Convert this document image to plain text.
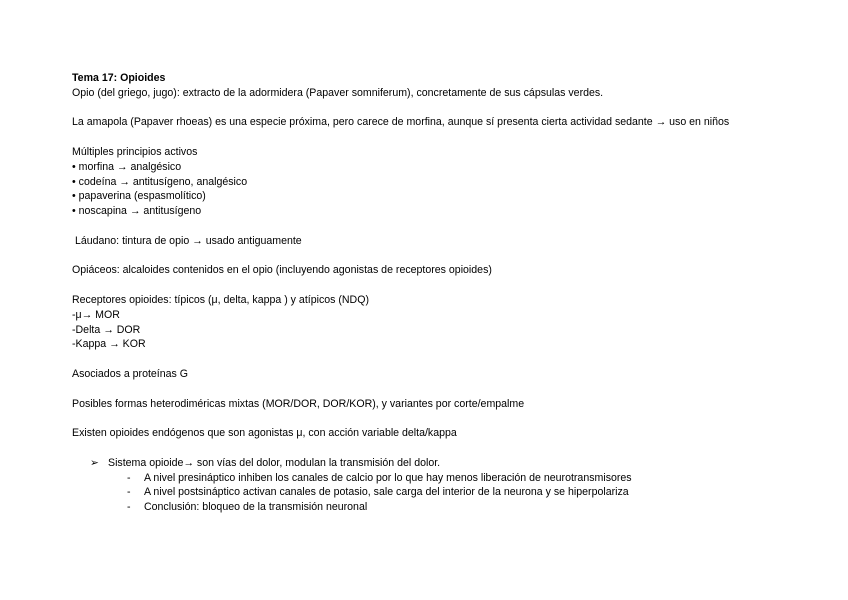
Tema 17: Opioides
Opio (del griego, jugo): extracto de la adormidera (Papaver somniferum), concretamente de sus cápsulas verdes.
La amapola (Papaver rhoeas) es una especie próxima, pero carece de morfina, aunque sí presenta cierta actividad sedante → uso en niños
Múltiples principios activos
• morfina → analgésico
• codeína → antitusígeno, analgésico
• papaverina (espasmolítico)
• noscapina → antitusígeno
Láudano: tintura de opio → usado antiguamente
Opiáceos: alcaloides contenidos en el opio (incluyendo agonistas de receptores opioides)
Receptores opioides: típicos (μ, delta, kappa ) y atípicos (NDQ)
-μ→ MOR
-Delta → DOR
-Kappa → KOR
Asociados a proteínas G
Posibles formas heterodiméricas mixtas (MOR/DOR, DOR/KOR), y variantes por corte/empalme
Existen opioides endógenos que son agonistas μ, con acción variable delta/kappa
➢ Sistema opioide→ son vías del dolor, modulan la transmisión del dolor.
- A nivel presináptico inhiben los canales de calcio por lo que hay menos liberación de neurotransmisores
- A nivel postsináptico activan canales de potasio, sale carga del interior de la neurona y se hiperpolariza
- Conclusión: bloqueo de la transmisión neuronal
